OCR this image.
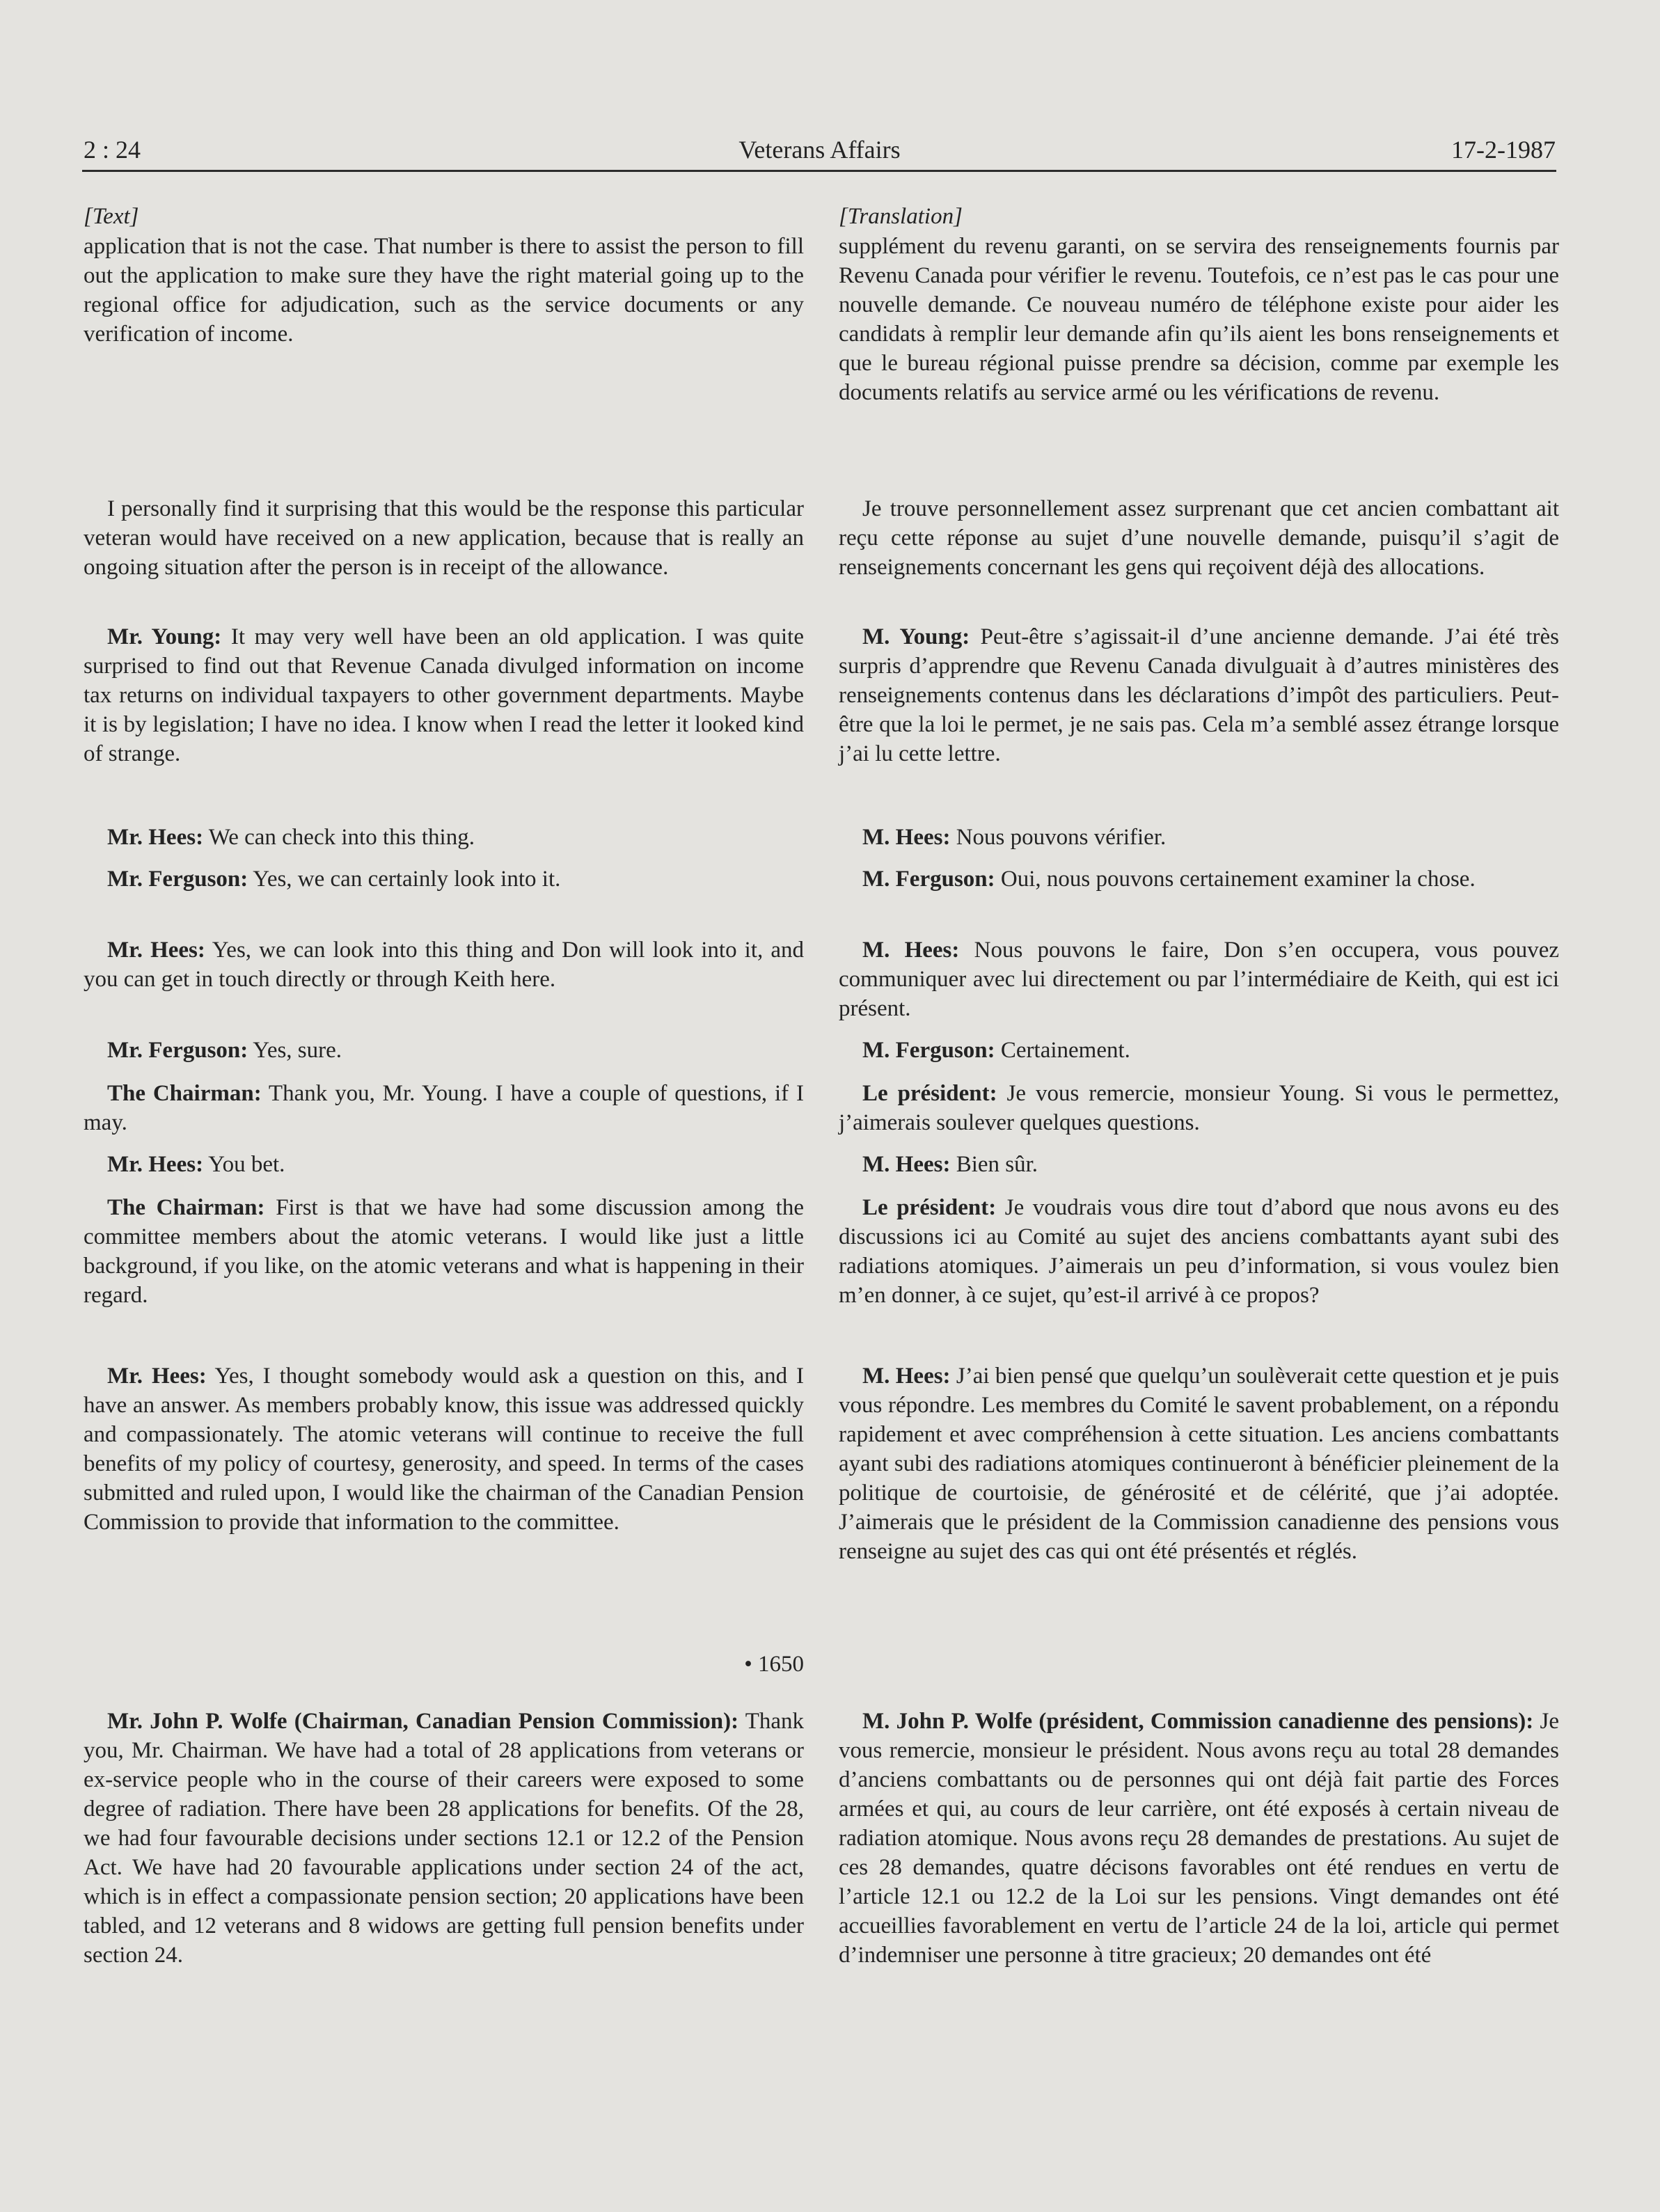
2 : 24	Veterans Affairs	17-2-1987
[Text]

application that is not the case. That number is there to assist the person to fill out the application to make sure they have the right material going up to the regional office for adjudication, such as the service documents or any verification of income.

I personally find it surprising that this would be the response this particular veteran would have received on a new application, because that is really an ongoing situation after the person is in receipt of the allowance.

Mr. Young: It may very well have been an old application. I was quite surprised to find out that Revenue Canada divulged information on income tax returns on individual taxpayers to other government departments. Maybe it is by legislation; I have no idea. I know when I read the letter it looked kind of strange.

Mr. Hees: We can check into this thing.

Mr. Ferguson: Yes, we can certainly look into it.

Mr. Hees: Yes, we can look into this thing and Don will look into it, and you can get in touch directly or through Keith here.

Mr. Ferguson: Yes, sure.

The Chairman: Thank you, Mr. Young. I have a couple of questions, if I may.

Mr. Hees: You bet.

The Chairman: First is that we have had some discussion among the committee members about the atomic veterans. I would like just a little background, if you like, on the atomic veterans and what is happening in their regard.

Mr. Hees: Yes, I thought somebody would ask a question on this, and I have an answer. As members probably know, this issue was addressed quickly and compassionately. The atomic veterans will continue to receive the full benefits of my policy of courtesy, generosity, and speed. In terms of the cases submitted and ruled upon, I would like the chairman of the Canadian Pension Commission to provide that information to the committee.

• 1650

Mr. John P. Wolfe (Chairman, Canadian Pension Commission): Thank you, Mr. Chairman. We have had a total of 28 applications from veterans or ex-service people who in the course of their careers were exposed to some degree of radiation. There have been 28 applications for benefits. Of the 28, we had four favourable decisions under sections 12.1 or 12.2 of the Pension Act. We have had 20 favourable applications under section 24 of the act, which is in effect a compassionate pension section; 20 applications have been tabled, and 12 veterans and 8 widows are getting full pension benefits under section 24.

[Translation]

supplément du revenu garanti, on se servira des renseignements fournis par Revenu Canada pour vérifier le revenu. Toutefois, ce n’est pas le cas pour une nouvelle demande. Ce nouveau numéro de téléphone existe pour aider les candidats à remplir leur demande afin qu’ils aient les bons renseignements et que le bureau régional puisse prendre sa décision, comme par exemple les documents relatifs au service armé ou les vérifications de revenu.

Je trouve personnellement assez surprenant que cet ancien combattant ait reçu cette réponse au sujet d’une nouvelle demande, puisqu’il s’agit de renseignements concernant les gens qui reçoivent déjà des allocations.

M. Young: Peut-être s’agissait-il d’une ancienne demande. J’ai été très surpris d’apprendre que Revenu Canada divulguait à d’autres ministères des renseignements contenus dans les déclarations d’impôt des particuliers. Peut-être que la loi le permet, je ne sais pas. Cela m’a semblé assez étrange lorsque j’ai lu cette lettre.

M. Hees: Nous pouvons vérifier.

M. Ferguson: Oui, nous pouvons certainement examiner la chose.

M. Hees: Nous pouvons le faire, Don s’en occupera, vous pouvez communiquer avec lui directement ou par l’intermédiaire de Keith, qui est ici présent.

M. Ferguson: Certainement.

Le président: Je vous remercie, monsieur Young. Si vous le permettez, j’aimerais soulever quelques questions.

M. Hees: Bien sûr.

Le président: Je voudrais vous dire tout d’abord que nous avons eu des discussions ici au Comité au sujet des anciens combattants ayant subi des radiations atomiques. J’aimerais un peu d’information, si vous voulez bien m’en donner, à ce sujet, qu’est-il arrivé à ce propos?

M. Hees: J’ai bien pensé que quelqu’un soulèverait cette question et je puis vous répondre. Les membres du Comité le savent probablement, on a répondu rapidement et avec compréhension à cette situation. Les anciens combattants ayant subi des radiations atomiques continueront à bénéficier pleinement de la politique de courtoisie, de générosité et de célérité, que j’ai adoptée. J’aimerais que le président de la Commission canadienne des pensions vous renseigne au sujet des cas qui ont été présentés et réglés.

M. John P. Wolfe (président, Commission canadienne des pensions): Je vous remercie, monsieur le président. Nous avons reçu au total 28 demandes d’anciens combattants ou de personnes qui ont déjà fait partie des Forces armées et qui, au cours de leur carrière, ont été exposés à certain niveau de radiation atomique. Nous avons reçu 28 demandes de prestations. Au sujet de ces 28 demandes, quatre décisons favorables ont été rendues en vertu de l’article 12.1 ou 12.2 de la Loi sur les pensions. Vingt demandes ont été accueillies favorablement en vertu de l’article 24 de la loi, article qui permet d’indemniser une personne à titre gracieux; 20 demandes ont été
